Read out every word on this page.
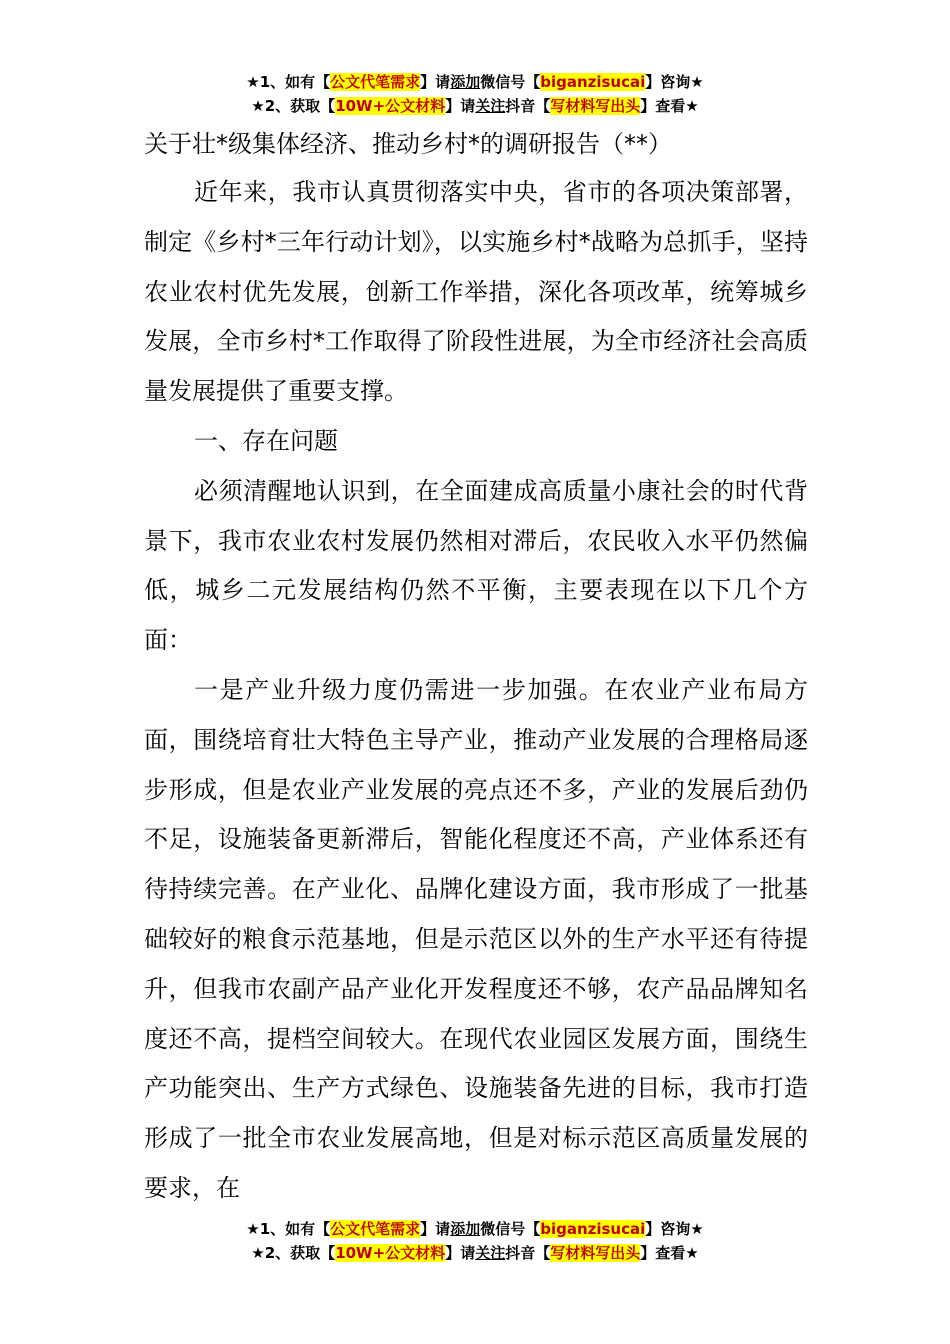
★1、如有【公文代笔需求】请添加微信号【biganzisucai】咨询★
★2、获取【10W+公文材料】请关注抖音【写材料写出头】查看★

关于壮*级集体经济、推动乡村*的调研报告（**）

近年来，我市认真贯彻落实中央，省市的各项决策部署，制定《乡村*三年行动计划》，以实施乡村*战略为总抓手，坚持农业农村优先发展，创新工作举措，深化各项改革，统筹城乡发展，全市乡村*工作取得了阶段性进展，为全市经济社会高质量发展提供了重要支撑。

一、存在问题

必须清醒地认识到，在全面建成高质量小康社会的时代背景下，我市农业农村发展仍然相对滞后，农民收入水平仍然偏低，城乡二元发展结构仍然不平衡，主要表现在以下几个方面：

一是产业升级力度仍需进一步加强。在农业产业布局方面，围绕培育壮大特色主导产业，推动产业发展的合理格局逐步形成，但是农业产业发展的亮点还不多，产业的发展后劲仍不足，设施装备更新滞后，智能化程度还不高，产业体系还有待持续完善。在产业化、品牌化建设方面，我市形成了一批基础较好的粮食示范基地，但是示范区以外的生产水平还有待提升，但我市农副产品产业化开发程度还不够，农产品品牌知名度还不高，提档空间较大。在现代农业园区发展方面，围绕生产功能突出、生产方式绿色、设施装备先进的目标，我市打造形成了一批全市农业发展高地，但是对标示范区高质量发展的要求，在

★1、如有【公文代笔需求】请添加微信号【biganzisucai】咨询★
★2、获取【10W+公文材料】请关注抖音【写材料写出头】查看★
